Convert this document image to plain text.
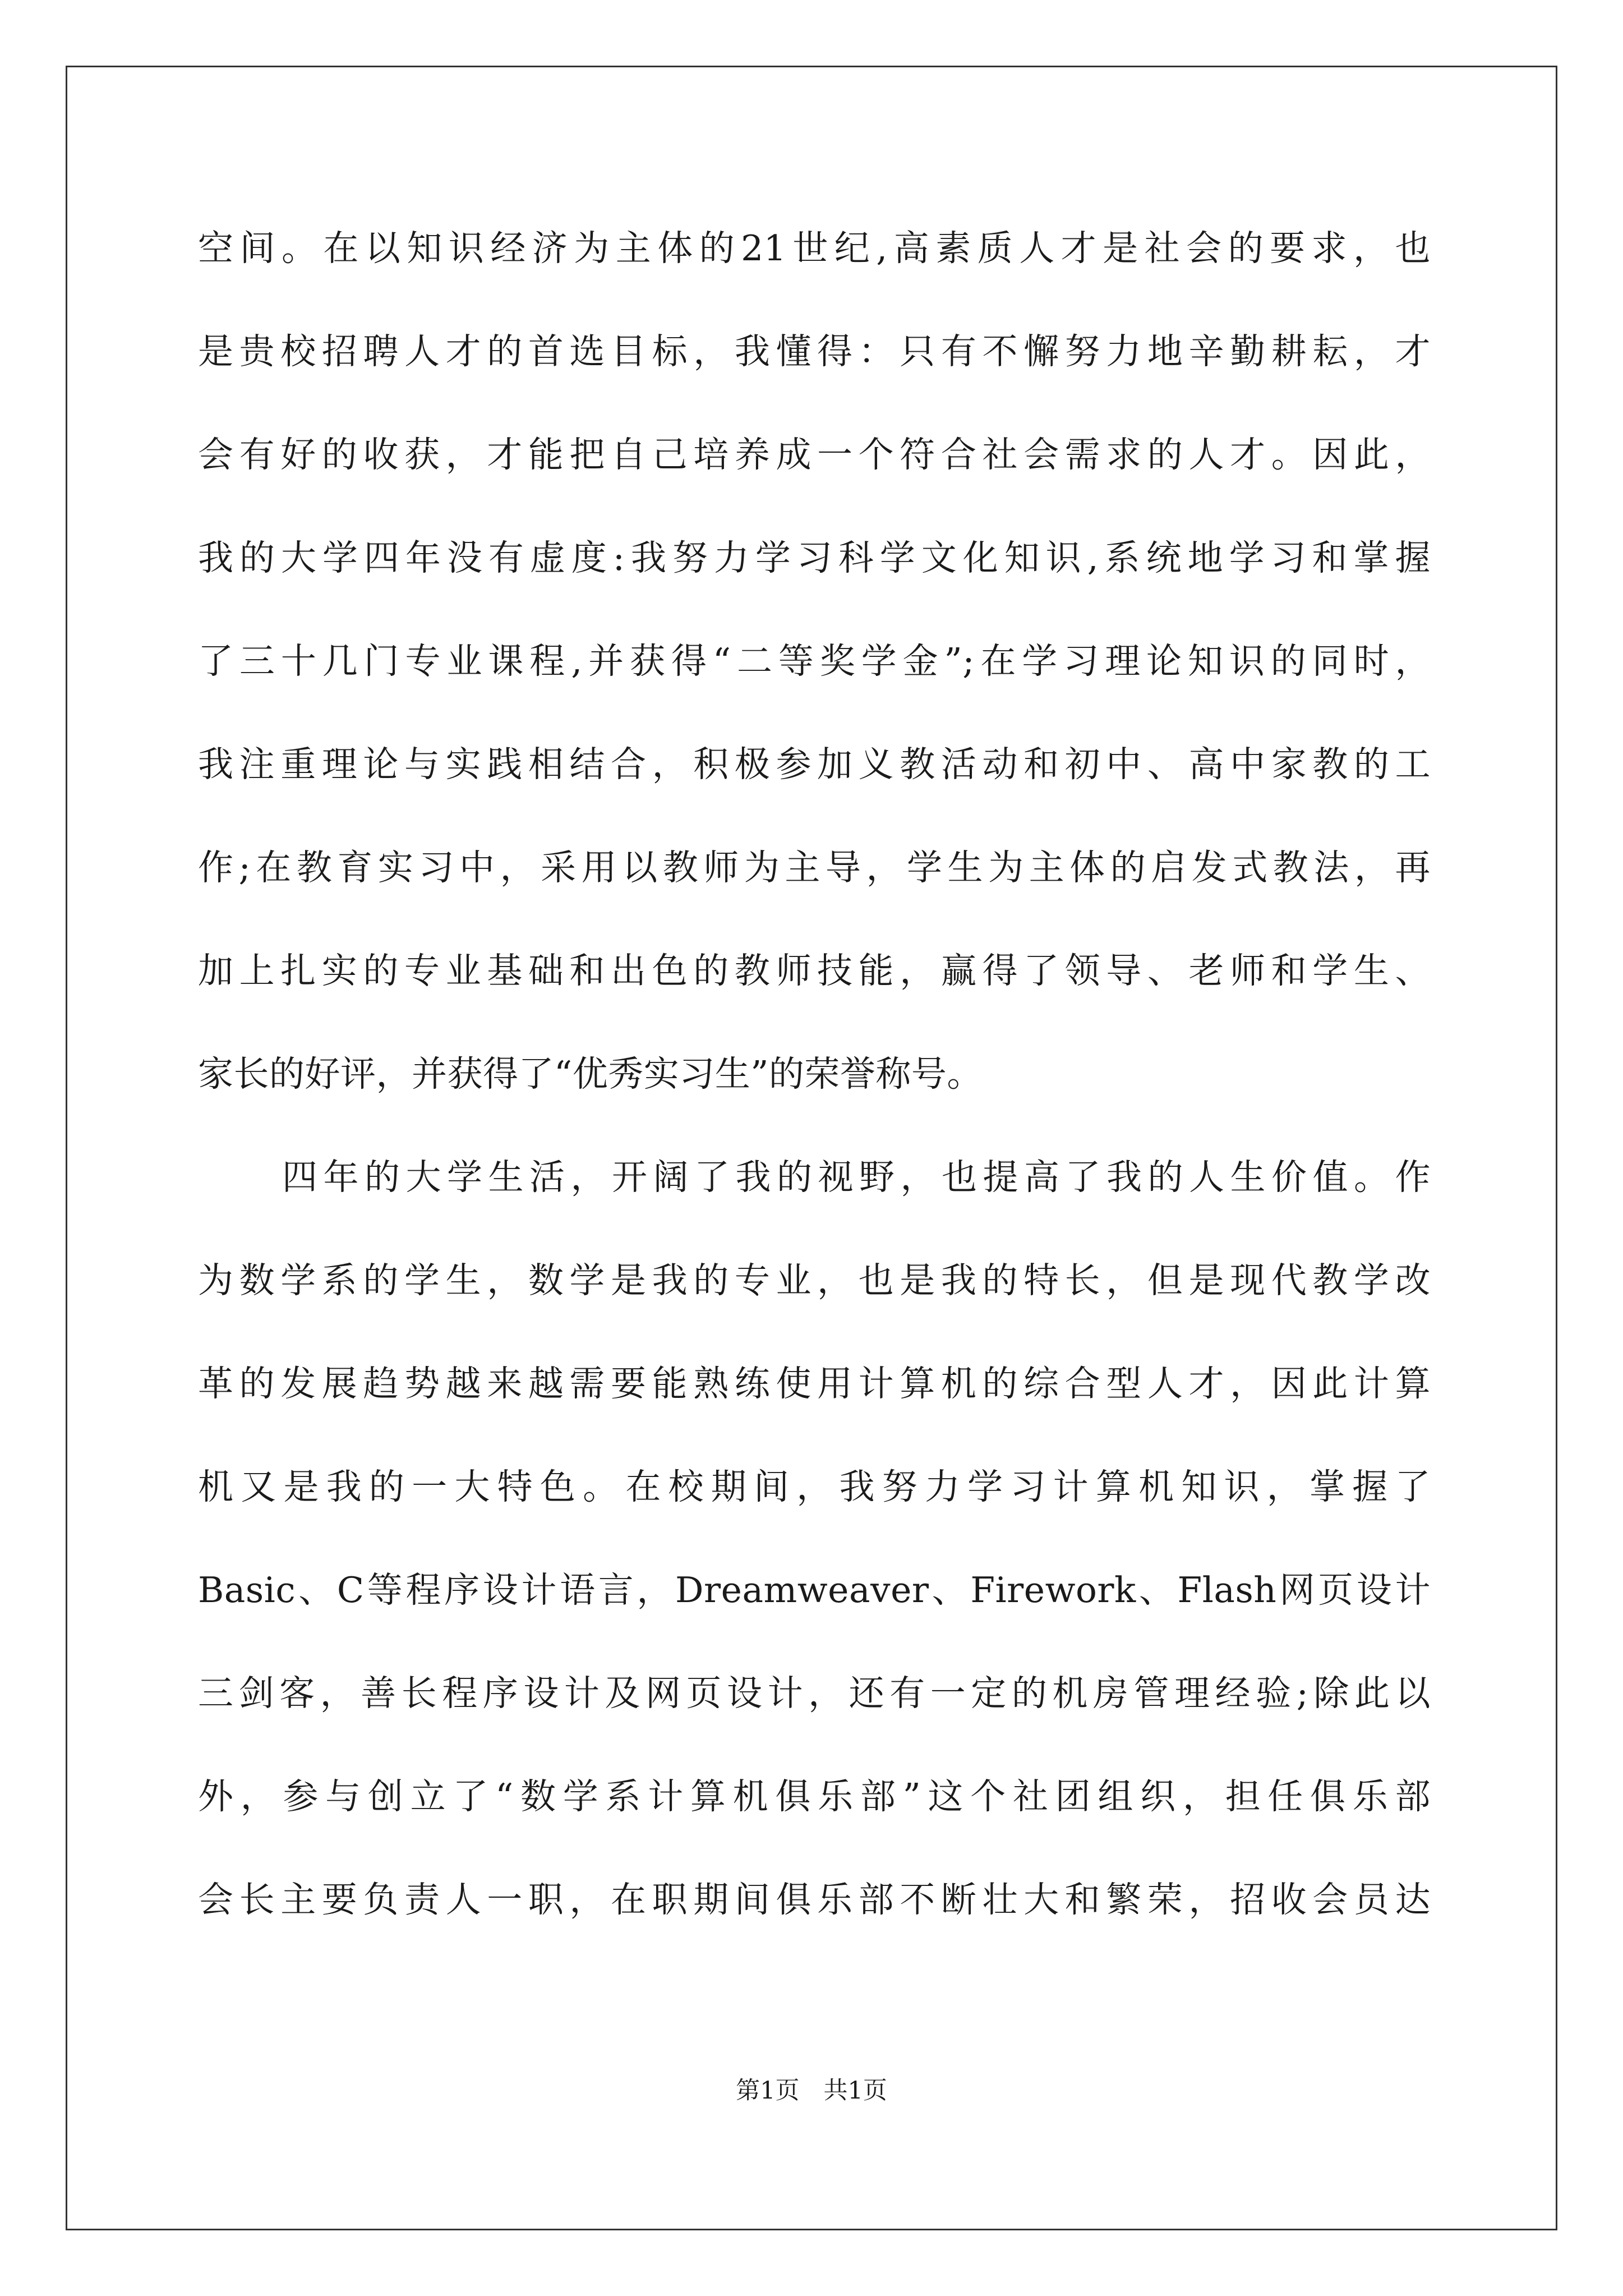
空间。在以知识经济为主体的21世纪,高素质人才是社会的要求，也
是贵校招聘人才的首选目标，我懂得：只有不懈努力地辛勤耕耘，才
会有好的收获，才能把自己培养成一个符合社会需求的人才。因此，
我的大学四年没有虚度:我努力学习科学文化知识,系统地学习和掌握
了三十几门专业课程,并获得“二等奖学金”;在学习理论知识的同时，
我注重理论与实践相结合，积极参加义教活动和初中、高中家教的工
作;在教育实习中，采用以教师为主导，学生为主体的启发式教法，再
加上扎实的专业基础和出色的教师技能，赢得了领导、老师和学生、
家长的好评，并获得了“优秀实习生”的荣誉称号。
四年的大学生活，开阔了我的视野，也提高了我的人生价值。作
为数学系的学生，数学是我的专业，也是我的特长，但是现代教学改
革的发展趋势越来越需要能熟练使用计算机的综合型人才，因此计算
机又是我的一大特色。在校期间，我努力学习计算机知识，掌握了
Basic、C等程序设计语言，Dreamweaver、Firework、Flash网页设计
三剑客，善长程序设计及网页设计，还有一定的机房管理经验;除此以
外，参与创立了“数学系计算机俱乐部”这个社团组织，担任俱乐部
会长主要负责人一职，在职期间俱乐部不断壮大和繁荣，招收会员达
第1页　共1页
